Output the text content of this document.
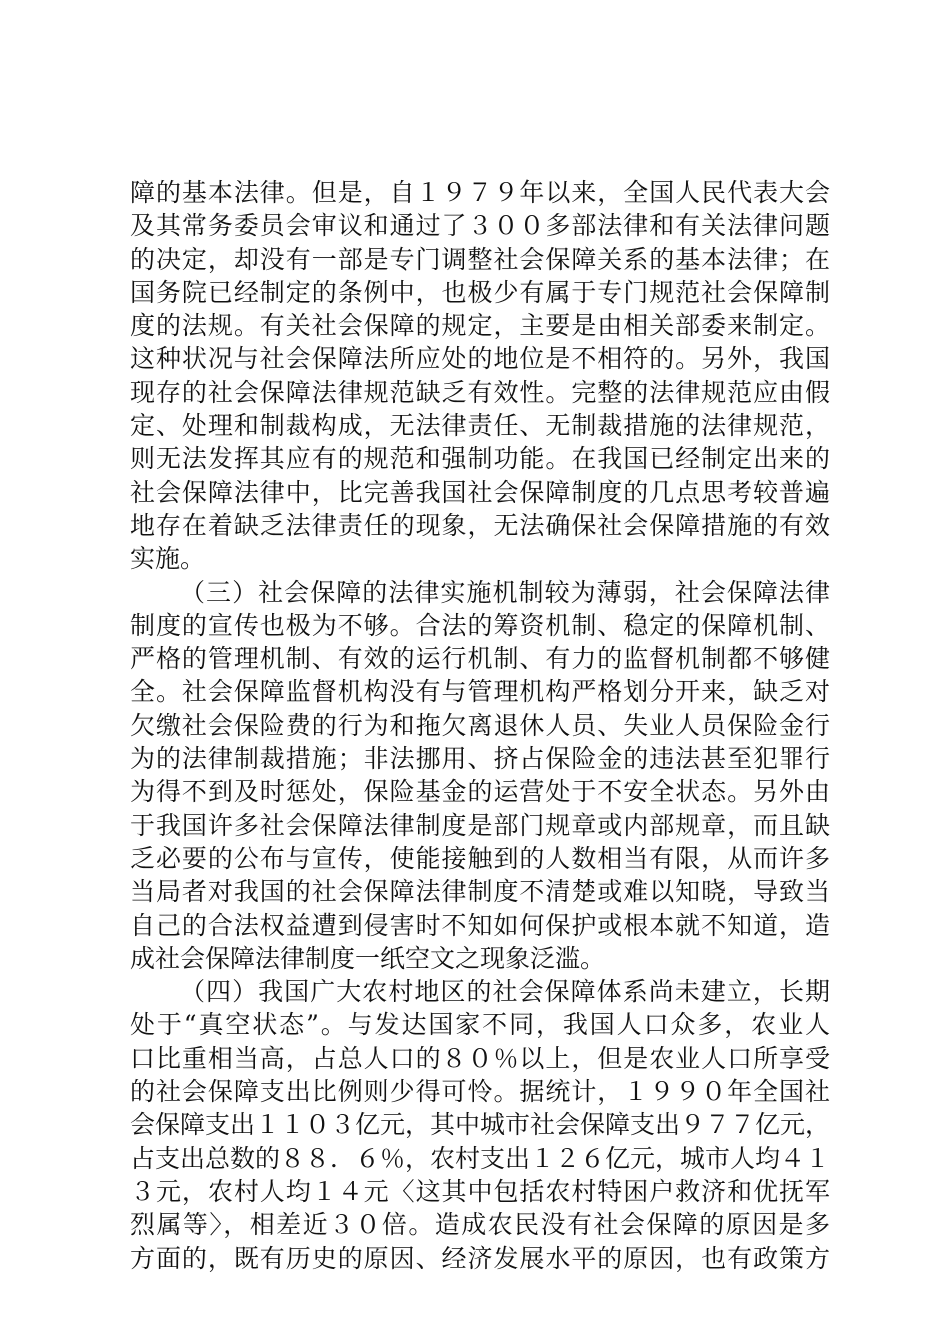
障的基本法律。但是，自１９７９年以来，全国人民代表大会
及其常务委员会审议和通过了３００多部法律和有关法律问题
的决定，却没有一部是专门调整社会保障关系的基本法律；在
国务院已经制定的条例中，也极少有属于专门规范社会保障制
度的法规。有关社会保障的规定，主要是由相关部委来制定。
这种状况与社会保障法所应处的地位是不相符的。另外，我国
现存的社会保障法律规范缺乏有效性。完整的法律规范应由假
定、处理和制裁构成，无法律责任、无制裁措施的法律规范，
则无法发挥其应有的规范和强制功能。在我国已经制定出来的
社会保障法律中，比完善我国社会保障制度的几点思考较普遍
地存在着缺乏法律责任的现象，无法确保社会保障措施的有效
实施。
（三）社会保障的法律实施机制较为薄弱，社会保障法律
制度的宣传也极为不够。合法的筹资机制、稳定的保障机制、
严格的管理机制、有效的运行机制、有力的监督机制都不够健
全。社会保障监督机构没有与管理机构严格划分开来，缺乏对
欠缴社会保险费的行为和拖欠离退休人员、失业人员保险金行
为的法律制裁措施；非法挪用、挤占保险金的违法甚至犯罪行
为得不到及时惩处，保险基金的运营处于不安全状态。另外由
于我国许多社会保障法律制度是部门规章或内部规章，而且缺
乏必要的公布与宣传，使能接触到的人数相当有限，从而许多
当局者对我国的社会保障法律制度不清楚或难以知晓，导致当
自己的合法权益遭到侵害时不知如何保护或根本就不知道，造
成社会保障法律制度一纸空文之现象泛滥。
（四）我国广大农村地区的社会保障体系尚未建立，长期
处于“真空状态”。与发达国家不同，我国人口众多，农业人
口比重相当高，占总人口的８０％以上，但是农业人口所享受
的社会保障支出比例则少得可怜。据统计，１９９０年全国社
会保障支出１１０３亿元，其中城市社会保障支出９７７亿元，
占支出总数的８８．６％，农村支出１２６亿元，城市人均４１
３元，农村人均１４元〈这其中包括农村特困户救济和优抚军
烈属等〉，相差近３０倍。造成农民没有社会保障的原因是多
方面的，既有历史的原因、经济发展水平的原因，也有政策方
